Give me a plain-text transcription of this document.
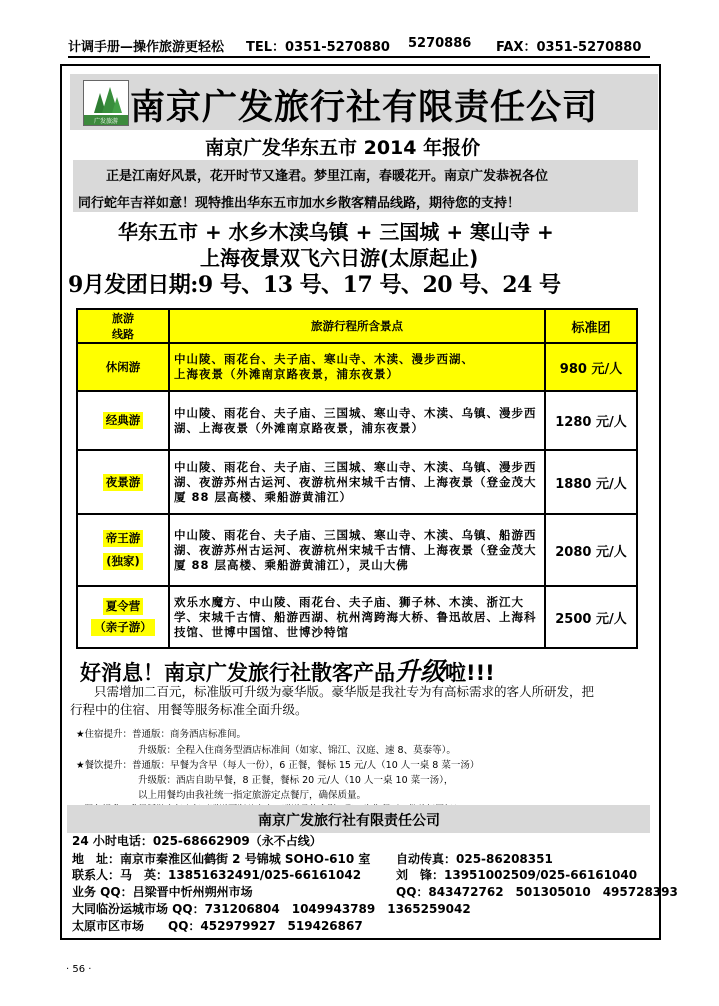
计调手册—操作旅游更轻松 TEL：0351-5270880 5270886 FAX：0351-5270880
广发旅游 南京广发旅行社有限责任公司
南京广发华东五市 2014 年报价
正是江南好风景，花开时节又逢君。梦里江南，春暖花开。南京广发恭祝各位
同行蛇年吉祥如意！现特推出华东五市加水乡散客精品线路，期待您的支持！
华东五市 + 水乡木渎乌镇 + 三国城 + 寒山寺 +
上海夜景双飞六日游(太原起止)
9月发团日期:9 号、13 号、17 号、20 号、24 号
旅游
线路	旅游行程所含景点	标准团
休闲游	中山陵、雨花台、夫子庙、寒山寺、木渎、漫步西湖、
上海夜景（外滩南京路夜景，浦东夜景）	980 元/人
经典游	中山陵、雨花台、夫子庙、三国城、寒山寺、木渎、乌镇、漫步西湖、上海夜景（外滩南京路夜景，浦东夜景）	1280 元/人
夜景游	中山陵、雨花台、夫子庙、三国城、寒山寺、木渎、乌镇、漫步西湖、夜游苏州古运河、夜游杭州宋城千古情、上海夜景（登金茂大厦 88 层高楼、乘船游黄浦江）	1880 元/人
帝王游
(独家)	中山陵、雨花台、夫子庙、三国城、寒山寺、木渎、乌镇、船游西湖、夜游苏州古运河、夜游杭州宋城千古情、上海夜景（登金茂大厦 88 层高楼、乘船游黄浦江），灵山大佛	2080 元/人
夏令营
（亲子游）	欢乐水魔方、中山陵、雨花台、夫子庙、狮子林、木渎、浙江大学、宋城千古情、船游西湖、杭州湾跨海大桥、鲁迅故居、上海科技馆、世博中国馆、世博沙特馆	2500 元/人
好消息！南京广发旅行社散客产品升级啦!!!
只需增加二百元，标准版可升级为豪华版。豪华版是我社专为有高标需求的客人所研发，把
行程中的住宿、用餐等服务标准全面升级。
★住宿提升：普通版：商务酒店标准间。
升级版：全程入住商务型酒店标准间（如家、锦江、汉庭、速 8、莫泰等）。
★餐饮提升：普通版：早餐为含早（每人一份），6 正餐，餐标 15 元/人（10 人一桌 8 菜一汤）
升级版：酒店自助早餐，8 正餐，餐标 20 元/人（10 人一桌 10 菜一汤），
以上用餐均由我社统一指定旅游定点餐厅，确保质量。
南京广发旅行社有限责任公司
24 小时电话：025-68662909（永不占线）
地　址：南京市秦淮区仙鹤街 2 号锦城 SOHO-610 室 自动传真：025-86208351
联系人：马　英：13851632491/025-66161042	刘　锋：13951002509/025-66161040
业务 QQ：吕梁晋中忻州朔州市场	QQ：843472762　501305010　495728393
大同临汾运城市场 QQ：731206804　1049943789　1365259042
太原市区市场　　QQ：452979927　519426867
· 56 ·
